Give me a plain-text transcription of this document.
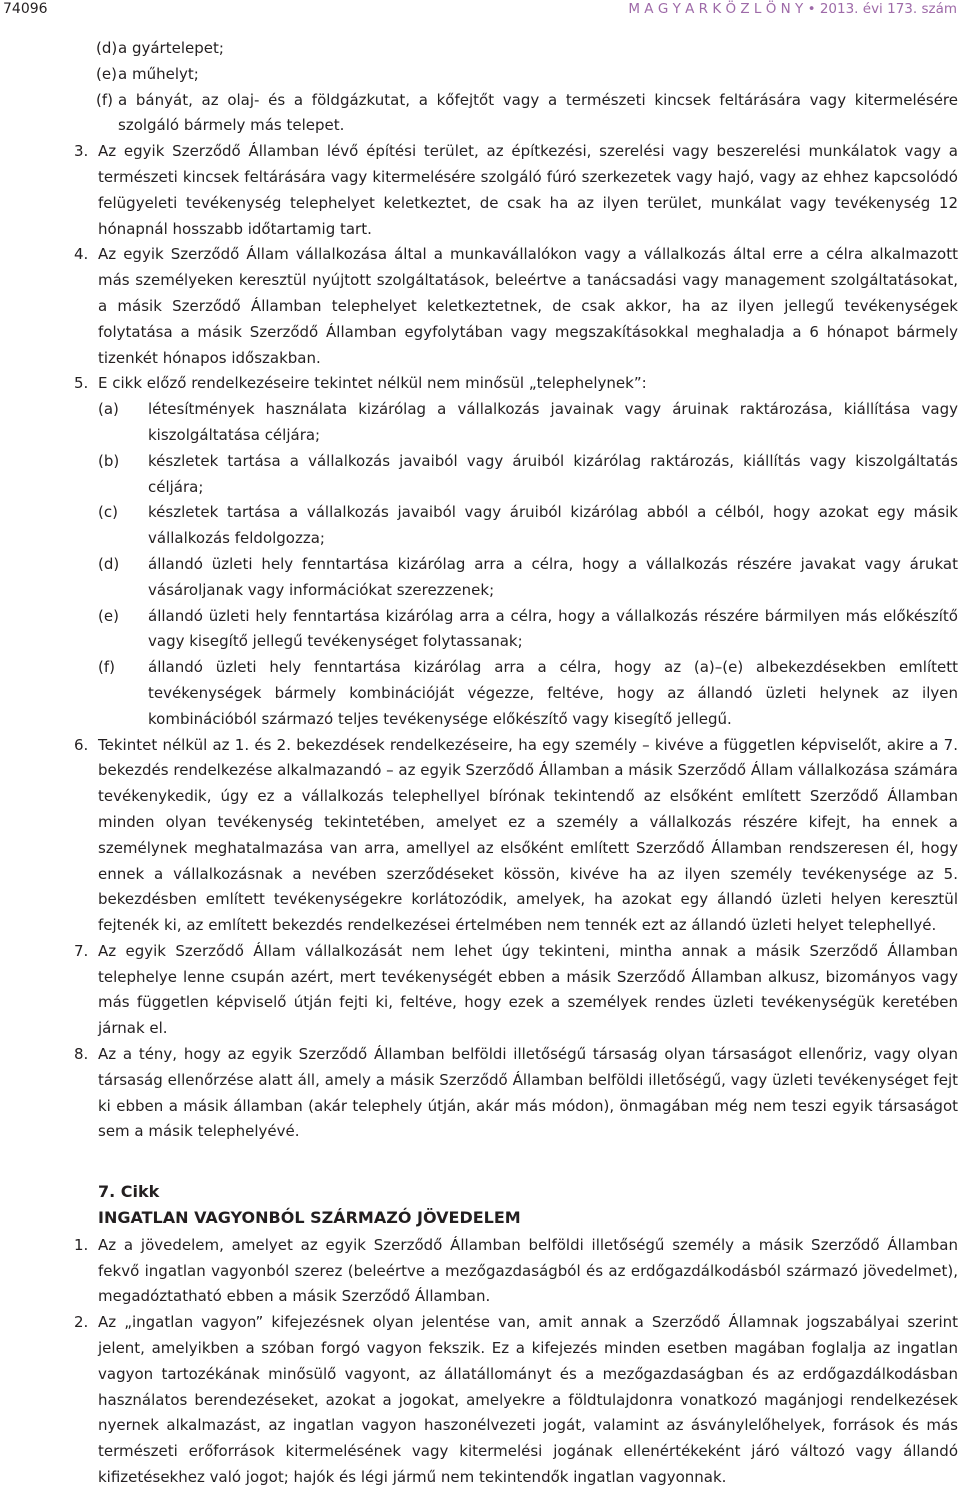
74096	M A G Y A R K Ö Z L Ö N Y • 2013. évi 173. szám
(d) a gyártelepet;
(e) a műhelyt;
(f) a bányát, az olaj- és a földgázkutat, a kőfejtőt vagy a természeti kincsek feltárására vagy kitermelésére szolgáló bármely más telepet.
3. Az egyik Szerződő Államban lévő építési terület, az építkezési, szerelési vagy beszerelési munkálatok vagy a természeti kincsek feltárására vagy kitermelésére szolgáló fúró szerkezetek vagy hajó, vagy az ehhez kapcsolódó felügyeleti tevékenység telephelyet keletkeztet, de csak ha az ilyen terület, munkálat vagy tevékenység 12 hónapnál hosszabb időtartamig tart.
4. Az egyik Szerződő Állam vállalkozása által a munkavállalókon vagy a vállalkozás által erre a célra alkalmazott más személyeken keresztül nyújtott szolgáltatások, beleértve a tanácsadási vagy management szolgáltatásokat, a másik Szerződő Államban telephelyet keletkeztetnek, de csak akkor, ha az ilyen jellegű tevékenységek folytatása a másik Szerződő Államban egyfolytában vagy megszakításokkal meghaladja a 6 hónapot bármely tizenkét hónapos időszakban.
5. E cikk előző rendelkezéseire tekintet nélkül nem minősül „telephelynek”:
(a)	létesítmények használata kizárólag a vállalkozás javainak vagy áruinak raktározása, kiállítása vagy kiszolgáltatása céljára;
(b)	készletek tartása a vállalkozás javaiból vagy áruiból kizárólag raktározás, kiállítás vagy kiszolgáltatás céljára;
(c)	készletek tartása a vállalkozás javaiból vagy áruiból kizárólag abból a célból, hogy azokat egy másik vállalkozás feldolgozza;
(d)	állandó üzleti hely fenntartása kizárólag arra a célra, hogy a vállalkozás részére javakat vagy árukat vásároljanak vagy információkat szerezzenek;
(e)	állandó üzleti hely fenntartása kizárólag arra a célra, hogy a vállalkozás részére bármilyen más előkészítő vagy kisegítő jellegű tevékenységet folytassanak;
(f)	állandó üzleti hely fenntartása kizárólag arra a célra, hogy az (a)–(e) albekezdésekben említett tevékenységek bármely kombinációját végezze, feltéve, hogy az állandó üzleti helynek az ilyen kombinációból származó teljes tevékenysége előkészítő vagy kisegítő jellegű.
6. Tekintet nélkül az 1. és 2. bekezdések rendelkezéseire, ha egy személy – kivéve a független képviselőt, akire a 7. bekezdés rendelkezése alkalmazandó – az egyik Szerződő Államban a másik Szerződő Állam vállalkozása számára tevékenykedik, úgy ez a vállalkozás telephellyel bírónak tekintendő az elsőként említett Szerződő Államban minden olyan tevékenység tekintetében, amelyet ez a személy a vállalkozás részére kifejt, ha ennek a személynek meghatalmazása van arra, amellyel az elsőként említett Szerződő Államban rendszeresen él, hogy ennek a vállalkozásnak a nevében szerződéseket kössön, kivéve ha az ilyen személy tevékenysége az 5. bekezdésben említett tevékenységekre korlátozódik, amelyek, ha azokat egy állandó üzleti helyen keresztül fejtenék ki, az említett bekezdés rendelkezései értelmében nem tennék ezt az állandó üzleti helyet telephellyé.
7. Az egyik Szerződő Állam vállalkozását nem lehet úgy tekinteni, mintha annak a másik Szerződő Államban telephelye lenne csupán azért, mert tevékenységét ebben a másik Szerződő Államban alkusz, bizományos vagy más független képviselő útján fejti ki, feltéve, hogy ezek a személyek rendes üzleti tevékenységük keretében járnak el.
8. Az a tény, hogy az egyik Szerződő Államban belföldi illetőségű társaság olyan társaságot ellenőriz, vagy olyan társaság ellenőrzése alatt áll, amely a másik Szerződő Államban belföldi illetőségű, vagy üzleti tevékenységet fejt ki ebben a másik államban (akár telephely útján, akár más módon), önmagában még nem teszi egyik társaságot sem a másik telephelyévé.
7. Cikk
INGATLAN VAGYONBÓL SZÁRMAZÓ JÖVEDELEM
1. Az a jövedelem, amelyet az egyik Szerződő Államban belföldi illetőségű személy a másik Szerződő Államban fekvő ingatlan vagyonból szerez (beleértve a mezőgazdaságból és az erdőgazdálkodásból származó jövedelmet), megadóztatható ebben a másik Szerződő Államban.
2. Az „ingatlan vagyon” kifejezésnek olyan jelentése van, amit annak a Szerződő Államnak jogszabályai szerint jelent, amelyikben a szóban forgó vagyon fekszik. Ez a kifejezés minden esetben magában foglalja az ingatlan vagyon tartozékának minősülő vagyont, az állatállományt és a mezőgazdaságban és az erdőgazdálkodásban használatos berendezéseket, azokat a jogokat, amelyekre a földtulajdonra vonatkozó magánjogi rendelkezések nyernek alkalmazást, az ingatlan vagyon haszonélvezeti jogát, valamint az ásványlelőhelyek, források és más természeti erőforrások kitermelésének vagy kitermelési jogának ellenértékeként járó változó vagy állandó kifizetésekhez való jogot; hajók és légi jármű nem tekintendők ingatlan vagyonnak.
